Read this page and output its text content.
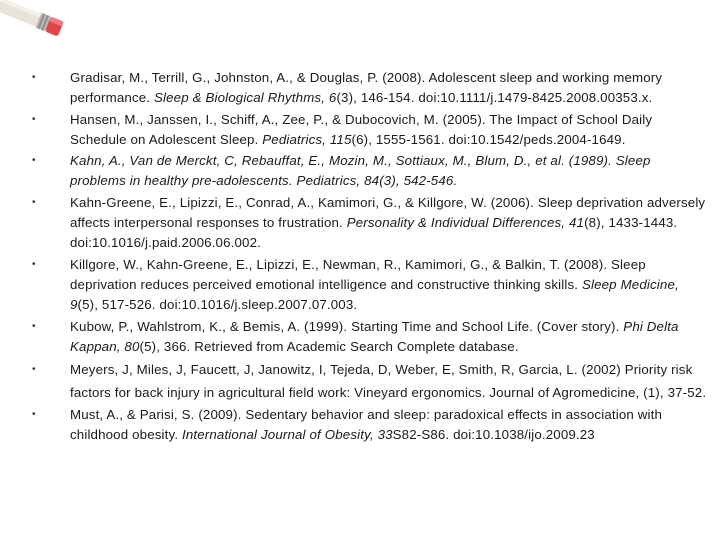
•	Gradisar, M., Terrill, G., Johnston, A., & Douglas, P. (2008). Adolescent sleep and working memory performance. Sleep & Biological Rhythms, 6(3), 146-154. doi:10.1111/j.1479-8425.2008.00353.x.
•	Hansen, M., Janssen, I., Schiff, A., Zee, P., & Dubocovich, M. (2005). The Impact of School Daily Schedule on Adolescent Sleep. Pediatrics, 115(6), 1555-1561. doi:10.1542/peds.2004-1649.
•	Kahn, A., Van de Merckt, C, Rebauffat, E., Mozin, M., Sottiaux, M., Blum, D., et al. (1989). Sleep problems in healthy pre-adolescents. Pediatrics, 84(3), 542-546.
•	Kahn-Greene, E., Lipizzi, E., Conrad, A., Kamimori, G., & Killgore, W. (2006). Sleep deprivation adversely affects interpersonal responses to frustration. Personality & Individual Differences, 41(8), 1433-1443. doi:10.1016/j.paid.2006.06.002.
•	Killgore, W., Kahn-Greene, E., Lipizzi, E., Newman, R., Kamimori, G., & Balkin, T. (2008). Sleep deprivation reduces perceived emotional intelligence and constructive thinking skills. Sleep Medicine, 9(5), 517-526. doi:10.1016/j.sleep.2007.07.003.
•	Kubow, P., Wahlstrom, K., & Bemis, A. (1999). Starting Time and School Life. (Cover story). Phi Delta Kappan, 80(5), 366. Retrieved from Academic Search Complete database.
•	Meyers, J, Miles, J, Faucett, J, Janowitz, I, Tejeda, D, Weber, E, Smith, R, Garcia, L. (2002) Priority risk factors for back injury in agricultural field work: Vineyard ergonomics. Journal of Agromedicine, (1), 37-52.
•	Must, A., & Parisi, S. (2009). Sedentary behavior and sleep: paradoxical effects in association with childhood obesity. International Journal of Obesity, 33S82-S86. doi:10.1038/ijo.2009.23
